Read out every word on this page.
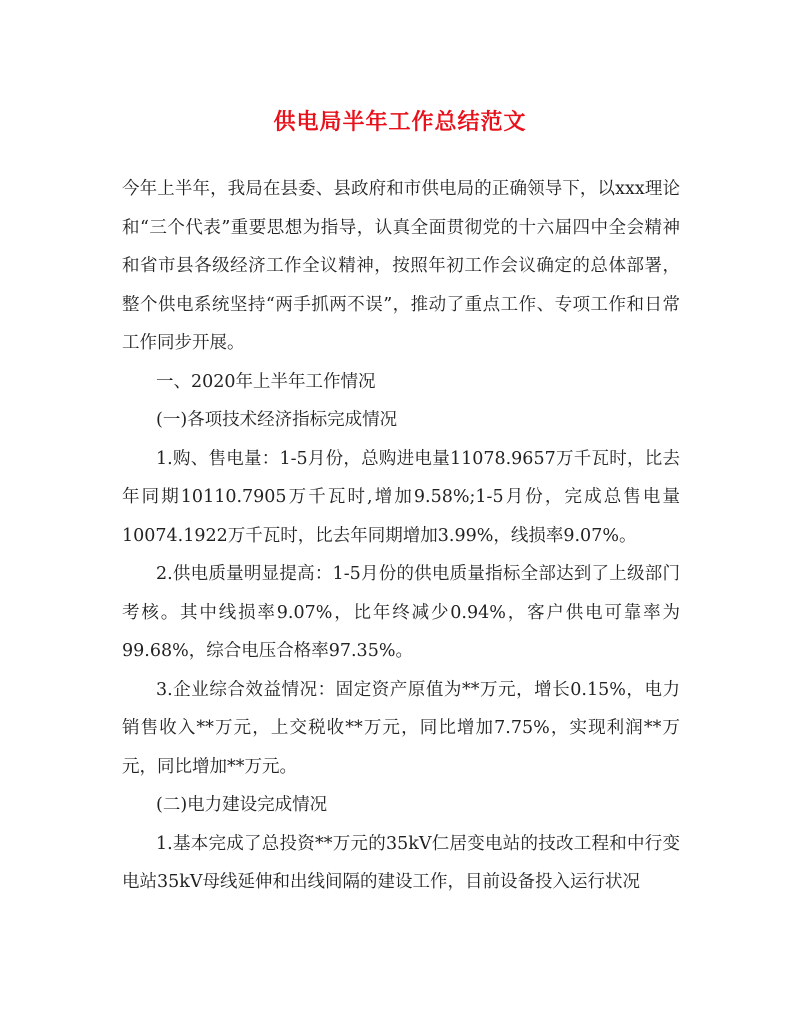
供电局半年工作总结范文

今年上半年，我局在县委、县政府和市供电局的正确领导下，以xxx理论和“三个代表”重要思想为指导，认真全面贯彻党的十六届四中全会精神和省市县各级经济工作全议精神，按照年初工作会议确定的总体部署，整个供电系统坚持“两手抓两不误”，推动了重点工作、专项工作和日常工作同步开展。

一、2020年上半年工作情况

(一)各项技术经济指标完成情况

1.购、售电量：1-5月份，总购进电量11078.9657万千瓦时，比去年同期10110.7905万千瓦时,增加9.58%;1-5月份，完成总售电量10074.1922万千瓦时，比去年同期增加3.99%，线损率9.07%。

2.供电质量明显提高：1-5月份的供电质量指标全部达到了上级部门考核。其中线损率9.07%，比年终减少0.94%，客户供电可靠率为99.68%，综合电压合格率97.35%。

3.企业综合效益情况：固定资产原值为**万元，增长0.15%，电力销售收入**万元，上交税收**万元，同比增加7.75%，实现利润**万元，同比增加**万元。

(二)电力建设完成情况

1.基本完成了总投资**万元的35kV仁居变电站的技改工程和中行变电站35kV母线延伸和出线间隔的建设工作，目前设备投入运行状况
